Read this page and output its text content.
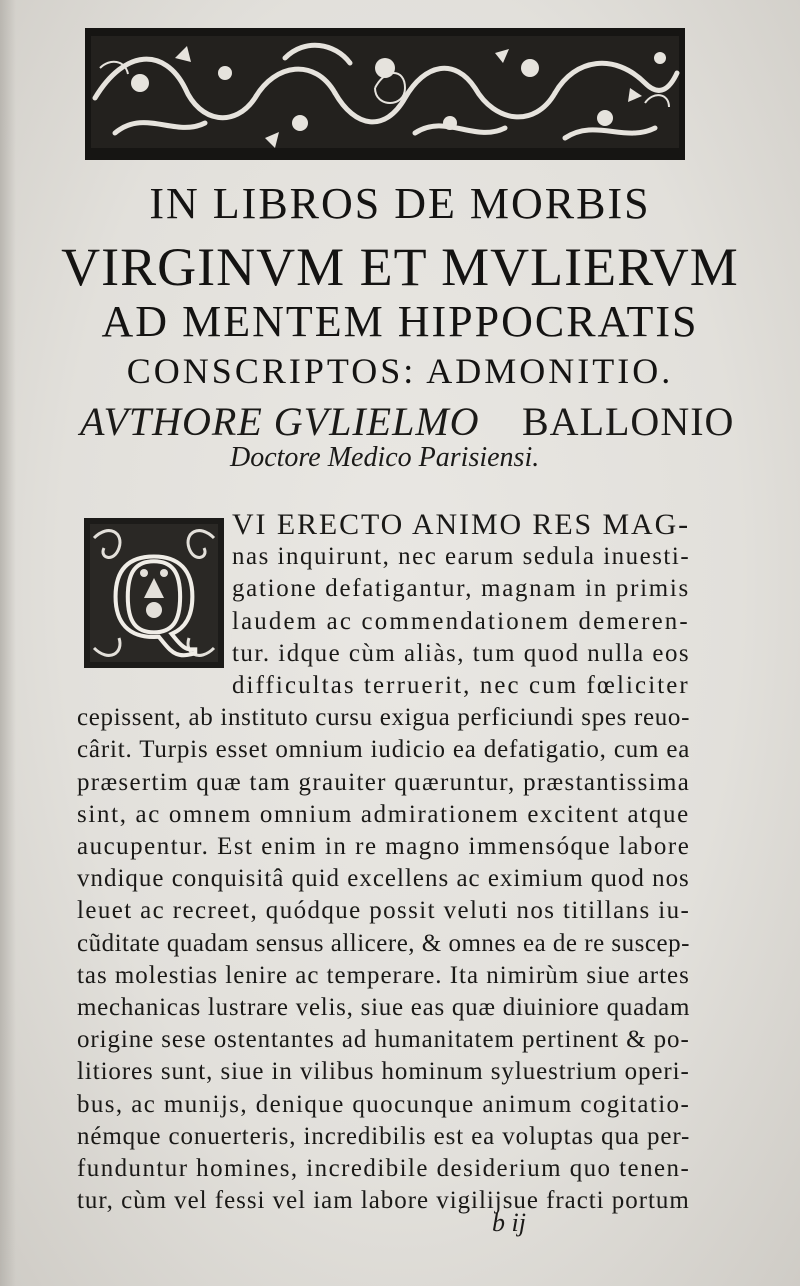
IN LIBROS DE MORBIS
VIRGINVM ET MVLIERVM
AD MENTEM HIPPOCRATIS
CONSCRIPTOS: ADMONITIO.
AVTHORE GVLIELMO BALLONIO
Doctore Medico Parisiensi.
Q
VI ERECTO ANIMO RES MAG-
nas inquirunt, nec earum sedula inuesti-
gatione defatigantur, magnam in primis
laudem ac commendationem demeren-
tur. idque cùm aliàs, tum quod nulla eos
difficultas terruerit, nec cum fœliciter
cepissent, ab instituto cursu exigua perficiundi spes reuo-
cârit. Turpis esset omnium iudicio ea defatigatio, cum ea
præsertim quæ tam grauiter quæruntur, præstantissima
sint, ac omnem omnium admirationem excitent atque
aucupentur. Est enim in re magno immensóque labore
vndique conquisitâ quid excellens ac eximium quod nos
leuet ac recreet, quódque possit veluti nos titillans iu-
cũditate quadam sensus allicere, & omnes ea de re suscep-
tas molestias lenire ac temperare. Ita nimirùm siue artes
mechanicas lustrare velis, siue eas quæ diuiniore quadam
origine sese ostentantes ad humanitatem pertinent & po-
litiores sunt, siue in vilibus hominum syluestrium operi-
bus, ac munijs, denique quocunque animum cogitatio-
némque conuerteris, incredibilis est ea voluptas qua per-
funduntur homines, incredibile desiderium quo tenen-
tur, cùm vel fessi vel iam labore vigilijsue fracti portum
b ij
